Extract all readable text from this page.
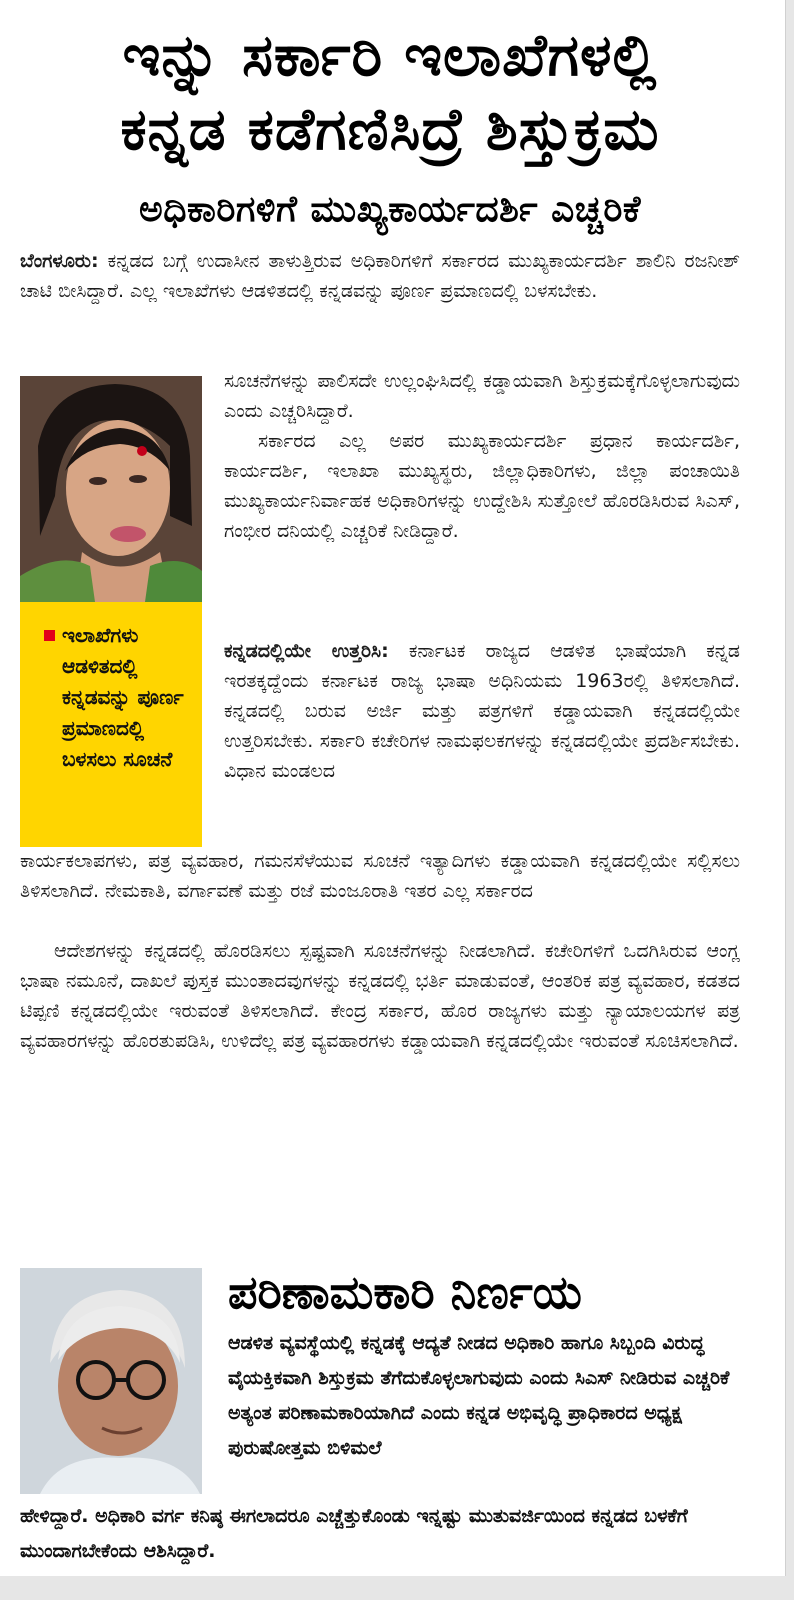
ಇನ್ನು ಸರ್ಕಾರಿ ಇಲಾಖೆಗಳಲ್ಲಿ
ಕನ್ನಡ ಕಡೆಗಣಿಸಿದ್ರೆ ಶಿಸ್ತುಕ್ರಮ
ಅಧಿಕಾರಿಗಳಿಗೆ ಮುಖ್ಯಕಾರ್ಯದರ್ಶಿ ಎಚ್ಚರಿಕೆ

ಬೆಂಗಳೂರು: ಕನ್ನಡದ ಬಗ್ಗೆ ಉದಾಸೀನ ತಾಳುತ್ತಿರುವ ಅಧಿಕಾರಿಗಳಿಗೆ ಸರ್ಕಾರದ ಮುಖ್ಯಕಾರ್ಯದರ್ಶಿ ಶಾಲಿನಿ ರಜನೀಶ್ ಚಾಟಿ ಬೀಸಿದ್ದಾರೆ. ಎಲ್ಲ ಇಲಾಖೆಗಳು ಆಡಳಿತದಲ್ಲಿ ಕನ್ನಡವನ್ನು ಪೂರ್ಣ ಪ್ರಮಾಣದಲ್ಲಿ ಬಳಸಬೇಕು.

ಇಲಾಖೆಗಳು ಆಡಳಿತದಲ್ಲಿ ಕನ್ನಡವನ್ನು ಪೂರ್ಣ ಪ್ರಮಾಣದಲ್ಲಿ ಬಳಸಲು ಸೂಚನೆ

ಸೂಚನೆಗಳನ್ನು ಪಾಲಿಸದೇ ಉಲ್ಲಂಘಿಸಿದಲ್ಲಿ ಕಡ್ಡಾಯವಾಗಿ ಶಿಸ್ತುಕ್ರಮಕ್ಕೆಗೊಳ್ಳಲಾಗುವುದು ಎಂದು ಎಚ್ಚರಿಸಿದ್ದಾರೆ.

ಸರ್ಕಾರದ ಎಲ್ಲ ಅಪರ ಮುಖ್ಯಕಾರ್ಯದರ್ಶಿ ಪ್ರಧಾನ ಕಾರ್ಯದರ್ಶಿ, ಕಾರ್ಯದರ್ಶಿ, ಇಲಾಖಾ ಮುಖ್ಯಸ್ಥರು, ಜಿಲ್ಲಾಧಿಕಾರಿಗಳು, ಜಿಲ್ಲಾ ಪಂಚಾಯಿತಿ ಮುಖ್ಯಕಾರ್ಯನಿರ್ವಾಹಕ ಅಧಿಕಾರಿಗಳನ್ನು ಉದ್ದೇಶಿಸಿ ಸುತ್ತೋಲೆ ಹೊರಡಿಸಿರುವ ಸಿಎಸ್, ಗಂಭೀರ ದನಿಯಲ್ಲಿ ಎಚ್ಚರಿಕೆ ನೀಡಿದ್ದಾರೆ.

ಕನ್ನಡದಲ್ಲಿಯೇ ಉತ್ತರಿಸಿ: ಕರ್ನಾಟಕ ರಾಜ್ಯದ ಆಡಳಿತ ಭಾಷೆಯಾಗಿ ಕನ್ನಡ ಇರತಕ್ಕದ್ದೆಂದು ಕರ್ನಾಟಕ ರಾಜ್ಯ ಭಾಷಾ ಅಧಿನಿಯಮ 1963ರಲ್ಲಿ ತಿಳಿಸಲಾಗಿದೆ. ಕನ್ನಡದಲ್ಲಿ ಬರುವ ಅರ್ಜಿ ಮತ್ತು ಪತ್ರಗಳಿಗೆ ಕಡ್ಡಾಯವಾಗಿ ಕನ್ನಡದಲ್ಲಿಯೇ ಉತ್ತರಿಸಬೇಕು. ಸರ್ಕಾರಿ ಕಚೇರಿಗಳ ನಾಮಫಲಕಗಳನ್ನು ಕನ್ನಡದಲ್ಲಿಯೇ ಪ್ರದರ್ಶಿಸಬೇಕು. ವಿಧಾನ ಮಂಡಲದ

ಕಾರ್ಯಕಲಾಪಗಳು, ಪತ್ರ ವ್ಯವಹಾರ, ಗಮನಸೆಳೆಯುವ ಸೂಚನೆ ಇತ್ಯಾದಿಗಳು ಕಡ್ಡಾಯವಾಗಿ ಕನ್ನಡದಲ್ಲಿಯೇ ಸಲ್ಲಿಸಲು ತಿಳಿಸಲಾಗಿದೆ. ನೇಮಕಾತಿ, ವರ್ಗಾವಣೆ ಮತ್ತು ರಜೆ ಮಂಜೂರಾತಿ ಇತರ ಎಲ್ಲ ಸರ್ಕಾರದ

ಆದೇಶಗಳನ್ನು ಕನ್ನಡದಲ್ಲಿ ಹೊರಡಿಸಲು ಸ್ಪಷ್ಟವಾಗಿ ಸೂಚನೆಗಳನ್ನು ನೀಡಲಾಗಿದೆ. ಕಚೇರಿಗಳಿಗೆ ಒದಗಿಸಿರುವ ಆಂಗ್ಲ ಭಾಷಾ ನಮೂನೆ, ದಾಖಲೆ ಪುಸ್ತಕ ಮುಂತಾದವುಗಳನ್ನು ಕನ್ನಡದಲ್ಲಿ ಭರ್ತಿ ಮಾಡುವಂತೆ, ಆಂತರಿಕ ಪತ್ರ ವ್ಯವಹಾರ, ಕಡತದ ಟಿಪ್ಪಣಿ ಕನ್ನಡದಲ್ಲಿಯೇ ಇರುವಂತೆ ತಿಳಿಸಲಾಗಿದೆ. ಕೇಂದ್ರ ಸರ್ಕಾರ, ಹೊರ ರಾಜ್ಯಗಳು ಮತ್ತು ನ್ಯಾಯಾಲಯಗಳ ಪತ್ರ ವ್ಯವಹಾರಗಳನ್ನು ಹೊರತುಪಡಿಸಿ, ಉಳಿದೆಲ್ಲ ಪತ್ರ ವ್ಯವಹಾರಗಳು ಕಡ್ಡಾಯವಾಗಿ ಕನ್ನಡದಲ್ಲಿಯೇ ಇರುವಂತೆ ಸೂಚಿಸಲಾಗಿದೆ.

ಪರಿಣಾಮಕಾರಿ ನಿರ್ಣಯ

ಆಡಳಿತ ವ್ಯವಸ್ಥೆಯಲ್ಲಿ ಕನ್ನಡಕ್ಕೆ ಆದ್ಯತೆ ನೀಡದ ಅಧಿಕಾರಿ ಹಾಗೂ ಸಿಬ್ಬಂದಿ ವಿರುದ್ಧ ವೈಯಕ್ತಿಕವಾಗಿ ಶಿಸ್ತುಕ್ರಮ ತೆಗೆದುಕೊಳ್ಳಲಾಗುವುದು ಎಂದು ಸಿಎಸ್ ನೀಡಿರುವ ಎಚ್ಚರಿಕೆ ಅತ್ಯಂತ ಪರಿಣಾಮಕಾರಿಯಾಗಿದೆ ಎಂದು ಕನ್ನಡ ಅಭಿವೃದ್ಧಿ ಪ್ರಾಧಿಕಾರದ ಅಧ್ಯಕ್ಷ ಪುರುಷೋತ್ತಮ ಬಿಳಿಮಲೆ

ಹೇಳಿದ್ದಾರೆ. ಅಧಿಕಾರಿ ವರ್ಗ ಕನಿಷ್ಠ ಈಗಲಾದರೂ ಎಚ್ಚೆತ್ತುಕೊಂಡು ಇನ್ನಷ್ಟು ಮುತುವರ್ಜಿಯಿಂದ ಕನ್ನಡದ ಬಳಕೆಗೆ ಮುಂದಾಗಬೇಕೆಂದು ಆಶಿಸಿದ್ದಾರೆ.
